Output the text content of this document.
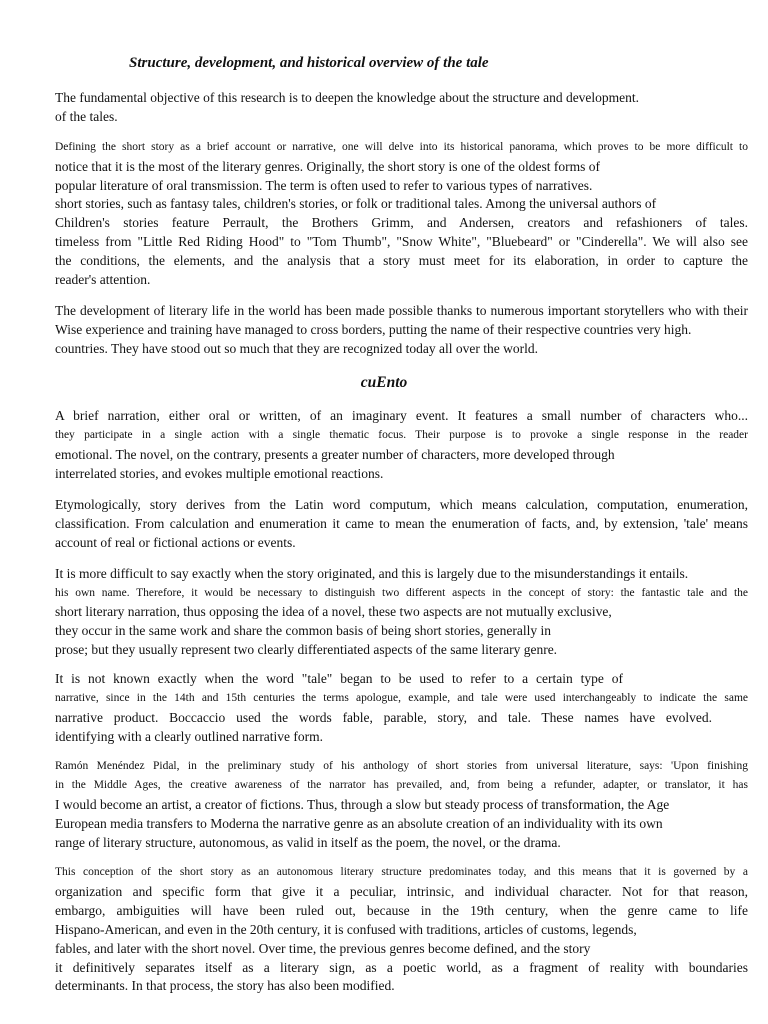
Structure, development, and historical overview of the tale

The fundamental objective of this research is to deepen the knowledge about the structure and development.

of the tales.

Defining the short story as a brief account or narrative, one will delve into its historical panorama, which proves to be more difficult to

notice that it is the most of the literary genres. Originally, the short story is one of the oldest forms of

popular literature of oral transmission. The term is often used to refer to various types of narratives.

short stories, such as fantasy tales, children's stories, or folk or traditional tales. Among the universal authors of

Children's stories feature Perrault, the Brothers Grimm, and Andersen, creators and refashioners of tales.

timeless from "Little Red Riding Hood" to "Tom Thumb", "Snow White", "Bluebeard" or "Cinderella". We will also see

the conditions, the elements, and the analysis that a story must meet for its elaboration, in order to capture the

reader's attention.

The development of literary life in the world has been made possible thanks to numerous important storytellers who with their

Wise experience and training have managed to cross borders, putting the name of their respective countries very high.

countries. They have stood out so much that they are recognized today all over the world.

cuEnto

A brief narration, either oral or written, of an imaginary event. It features a small number of characters who...

they participate in a single action with a single thematic focus. Their purpose is to provoke a single response in the reader

emotional. The novel, on the contrary, presents a greater number of characters, more developed through

interrelated stories, and evokes multiple emotional reactions.

Etymologically, story derives from the Latin word computum, which means calculation, computation, enumeration,

classification. From calculation and enumeration it came to mean the enumeration of facts, and, by extension, 'tale' means

account of real or fictional actions or events.

It is more difficult to say exactly when the story originated, and this is largely due to the misunderstandings it entails.

his own name. Therefore, it would be necessary to distinguish two different aspects in the concept of story: the fantastic tale and the

short literary narration, thus opposing the idea of a novel, these two aspects are not mutually exclusive,

they occur in the same work and share the common basis of being short stories, generally in

prose; but they usually represent two clearly differentiated aspects of the same literary genre.

It is not known exactly when the word "tale" began to be used to refer to a certain type of

narrative, since in the 14th and 15th centuries the terms apologue, example, and tale were used interchangeably to indicate the same

narrative product. Boccaccio used the words fable, parable, story, and tale. These names have evolved.

identifying with a clearly outlined narrative form.

Ramón Menéndez Pidal, in the preliminary study of his anthology of short stories from universal literature, says: 'Upon finishing

in the Middle Ages, the creative awareness of the narrator has prevailed, and, from being a refunder, adapter, or translator, it has

I would become an artist, a creator of fictions. Thus, through a slow but steady process of transformation, the Age

European media transfers to Moderna the narrative genre as an absolute creation of an individuality with its own

range of literary structure, autonomous, as valid in itself as the poem, the novel, or the drama.

This conception of the short story as an autonomous literary structure predominates today, and this means that it is governed by a

organization and specific form that give it a peculiar, intrinsic, and individual character. Not for that reason,

embargo, ambiguities will have been ruled out, because in the 19th century, when the genre came to life

Hispano-American, and even in the 20th century, it is confused with traditions, articles of customs, legends,

fables, and later with the short novel. Over time, the previous genres become defined, and the story

it definitively separates itself as a literary sign, as a poetic world, as a fragment of reality with boundaries

determinants. In that process, the story has also been modified.
